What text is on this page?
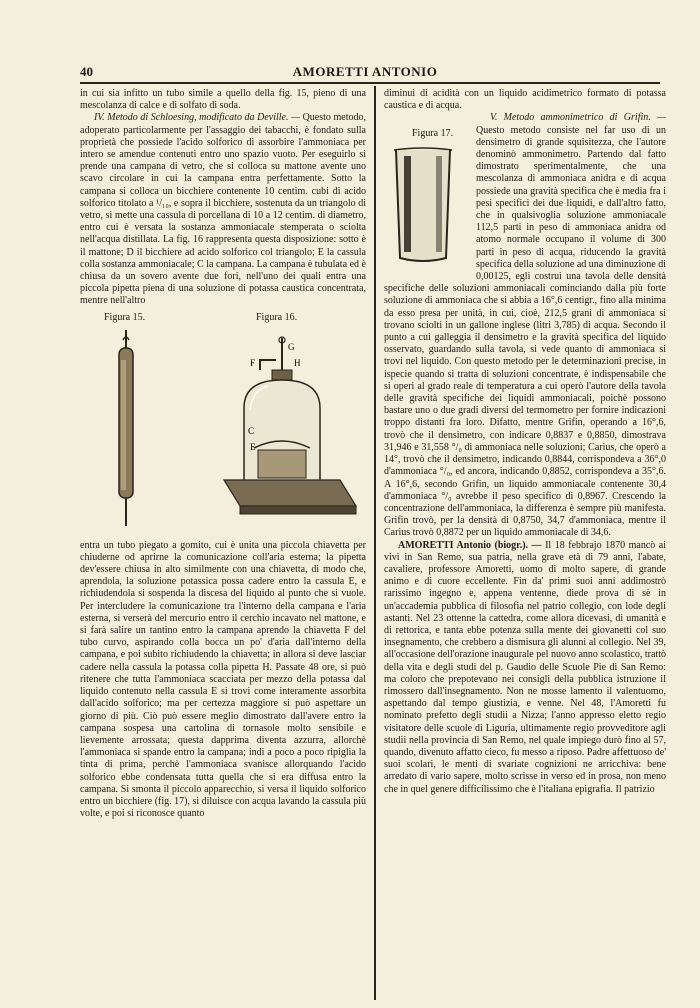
40	AMORETTI ANTONIO

in cui sia infitto un tubo simile a quello della fig. 15, pieno di una mescolanza di calce e di solfato di soda.

IV. Metodo di Schloesing, modificato da Deville. — Questo metodo, adoperato particolarmente per l'assaggio dei tabacchi, è fondato sulla proprietà che possiede l'acido solforico di assorbire l'ammoniaca per intero se amendue contenuti entro uno spazio vuoto. Per eseguirlo si prende una campana di vetro, che si colloca su mattone avente uno scavo circolare in cui la campana entra perfettamente. Sotto la campana si colloca un bicchiere contenente 10 centim. cubi di acido solforico titolato a ¹/₁₀, e sopra il bicchiere, sostenuta da un triangolo di vetro, si mette una cassula di porcellana di 10 a 12 centim. di diametro, entro cui è versata la sostanza ammoniacale stemperata o sciolta nell'acqua distillata. La fig. 16 rappresenta questa disposizione: sotto è il mattone; D il bicchiere ad acido solforico col triangolo; E la cassula colla sostanza ammoniacale; C la campana. La campana è tubulata ed è chiusa da un sovero avente due fori, nell'uno dei quali entra una piccola pipetta piena di una soluzione di potassa caustica concentrata, mentre nell'altro

Figura 15.	Figura 16.
G
F	H
C
E

entra un tubo piegato a gomito, cui è unita una piccola chiavetta per chiuderne od aprirne la comunicazione coll'aria esterna; la pipetta dev'essere chiusa in alto similmente con una chiavetta, di modo che, aprendola, la soluzione potassica possa cadere entro la cassula E, e richiudendola si sospenda la discesa del liquido al punto che si vuole. Per intercludere la comunicazione tra l'interno della campana e l'aria esterna, si verserà del mercurio entro il cerchio incavato nel mattone, e si farà salire un tantino entro la campana aprendo la chiavetta F del tubo curvo, aspirando colla bocca un po' d'aria dall'interno della campana, e poi subito richiudendo la chiavetta; in allora si deve lasciar cadere nella cassula la potassa colla pipetta H. Passate 48 ore, si può ritenere che tutta l'ammoniaca scacciata per mezzo della potassa dal liquido contenuto nella cassula E si trovi come interamente assorbita dall'acido solforico; ma per certezza maggiore si può aspettare un giorno di più. Ciò può essere meglio dimostrato dall'avere entro la campana sospesa una cartolina di tornasole molto sensibile e lievemente arrossata; questa dapprima diventa azzurra, allorchè l'ammoniaca si spande entro la campana; indi a poco a poco ripiglia la tinta di prima, perchè l'ammoniaca svanisce allorquando l'acido solforico ebbe condensata tutta quella che si era diffusa entro la campana. Si smonta il piccolo apparecchio, si versa il liquido solforico entro un bicchiere (fig. 17), si diluisce con acqua lavando la cassula più volte, e poi si riconosce quanto

diminuì di acidità con un liquido acidimetrico formato di potassa caustica e di acqua.

V. Metodo ammonimetrico di Grifin. —
Figura 17. Questo metodo consiste nel far uso di un densimetro di grande squisitezza, che l'autore denominò ammonimetro. Partendo dal fatto dimostrato sperimentalmente, che una mescolanza di ammoniaca anidra e di acqua possiede una gravità specifica che è media fra i pesi specifici dei due liquidi, e dall'altro fatto, che in qualsivoglia soluzione ammoniacale 112,5 parti in peso di ammoniaca anidra od atomo normale occupano il volume di 300 parti in peso di acqua, riducendo la gravità specifica della soluzione ad una diminuzione di 0,00125, egli costruì una tavola delle densità specifiche delle soluzioni ammoniacali cominciando dalla più forte soluzione di ammoniaca che si abbia a 16°,6 centigr., fino alla minima da esso presa per unità, in cui, cioè, 212,5 grani di ammoniaca si trovano sciolti in un gallone inglese (litri 3,785) di acqua. Secondo il punto a cui galleggia il densimetro e la gravità specifica del liquido osservato, guardando sulla tavola, si vede quanto di ammoniaca si trovi nel liquido. Con questo metodo per le determinazioni precise, in ispecie quando si tratta di soluzioni concentrate, è indispensabile che si operi al grado reale di temperatura a cui operò l'autore della tavola delle gravità specifiche dei liquidi ammoniacali, poichè possono bastare uno o due gradi diversi del termometro per fornire indicazioni troppo distanti fra loro. Difatto, mentre Grifin, operando a 16°,6, trovò che il densimetro, con indicare 0,8837 e 0,8850, dimostrava 31,946 e 31,558 °/₀ di ammoniaca nelle soluzioni; Carius, che operò a 14°, trovò che il densimetro, indicando 0,8844, corrispondeva a 36°,0 d'ammoniaca °/₀, ed ancora, indicando 0,8852, corrispondeva a 35°,6. A 16°,6, secondo Grifin, un liquido ammoniacale contenente 30,4 d'ammoniaca °/₀ avrebbe il peso specifico di 0,8967. Crescendo la concentrazione dell'ammoniaca, la differenza è sempre più manifesta. Grifin trovò, per la densità di 0,8750, 34,7 d'ammoniaca, mentre il Carius trovò 0,8872 per un liquido ammoniacale di 34,6.

AMORETTI Antonio (biogr.). — Il 18 febbrajo 1870 mancò ai vivi in San Remo, sua patria, nella grave età di 79 anni, l'abate, cavaliere, professore Amoretti, uomo di molto sapere, di grande animo e di cuore eccellente. Fin da' primi suoi anni addimostrò rarissimo ingegno e, appena ventenne, diede prova di sè in un'accademia pubblica di filosofia nel patrio collegio, con lode degli astanti. Nel 23 ottenne la cattedra, come allora dicevasi, di umanità e di rettorica, e tanta ebbe potenza sulla mente dei giovanetti col suo insegnamento, che crebbero a dismisura gli alunni al collegio. Nel 39, all'occasione dell'orazione inaugurale pel nuovo anno scolastico, trattò della vita e degli studi del p. Gaudio delle Scuole Pie di San Remo: ma coloro che prepotevano nei consigli della pubblica istruzione il rimossero dall'insegnamento. Non ne mosse lamento il valentuomo, aspettando dal tempo giustizia, e venne. Nel 48, l'Amoretti fu nominato prefetto degli studii a Nizza; l'anno appresso eletto regio visitatore delle scuole di Liguria, ultimamente regio provveditore agli studii nella provincia di San Remo, nel quale impiego durò fino al 57, quando, divenuto affatto cieco, fu messo a riposo. Padre affettuoso de' suoi scolari, le menti di svariate cognizioni ne arricchiva: bene arredato di vario sapere, molto scrisse in verso ed in prosa, non meno che in quel genere difficilissimo che è l'italiana epigrafia. Il patrizio
